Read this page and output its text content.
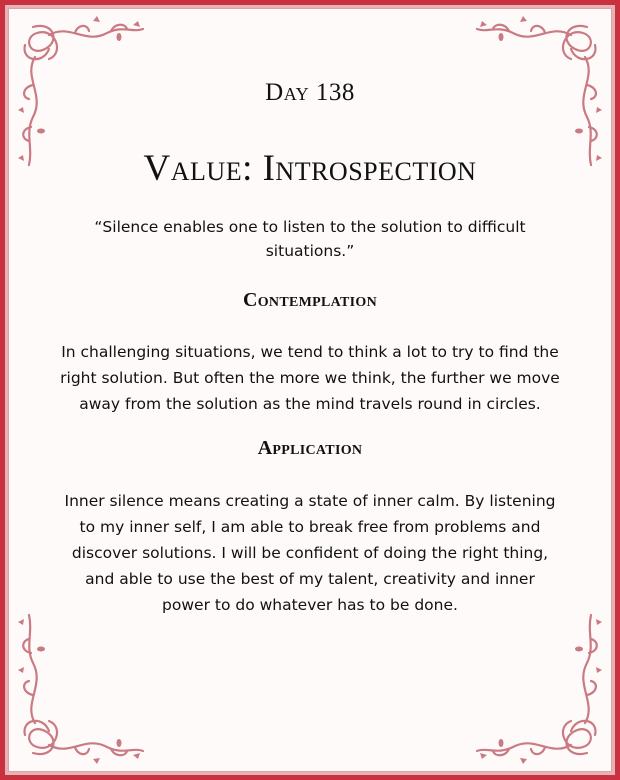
Day 138
Value: Introspection
“Silence enables one to listen to the solution to difficult situations.”
Contemplation
In challenging situations, we tend to think a lot to try to find the right solution. But often the more we think, the further we move away from the solution as the mind travels round in circles.
Application
Inner silence means creating a state of inner calm. By listening to my inner self, I am able to break free from problems and discover solutions. I will be confident of doing the right thing, and able to use the best of my talent, creativity and inner power to do whatever has to be done.
